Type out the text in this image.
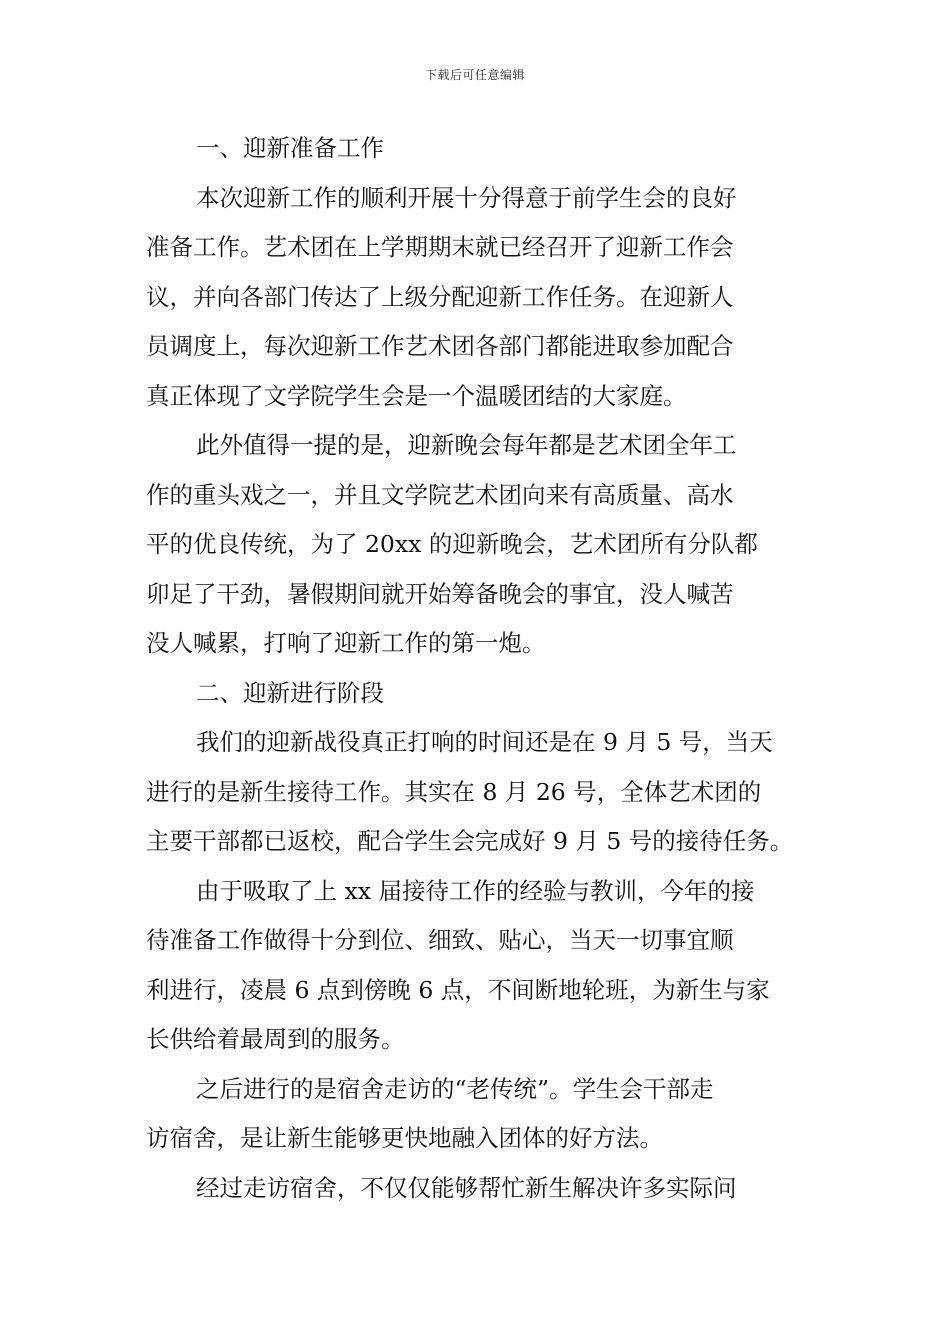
下载后可任意编辑
一、迎新准备工作
本次迎新工作的顺利开展十分得意于前学生会的良好
准备工作。艺术团在上学期期末就已经召开了迎新工作会
议，并向各部门传达了上级分配迎新工作任务。在迎新人
员调度上，每次迎新工作艺术团各部门都能进取参加配合
真正体现了文学院学生会是一个温暖团结的大家庭。
此外值得一提的是，迎新晚会每年都是艺术团全年工
作的重头戏之一，并且文学院艺术团向来有高质量、高水
平的优良传统，为了 20xx 的迎新晚会，艺术团所有分队都
卯足了干劲，暑假期间就开始筹备晚会的事宜，没人喊苦
没人喊累，打响了迎新工作的第一炮。
二、迎新进行阶段
我们的迎新战役真正打响的时间还是在 9 月 5 号，当天
进行的是新生接待工作。其实在 8 月 26 号，全体艺术团的
主要干部都已返校，配合学生会完成好 9 月 5 号的接待任务。
由于吸取了上 xx 届接待工作的经验与教训，今年的接
待准备工作做得十分到位、细致、贴心，当天一切事宜顺
利进行，凌晨 6 点到傍晚 6 点，不间断地轮班，为新生与家
长供给着最周到的服务。
之后进行的是宿舍走访的“老传统”。学生会干部走
访宿舍，是让新生能够更快地融入团体的好方法。
经过走访宿舍，不仅仅能够帮忙新生解决许多实际问
